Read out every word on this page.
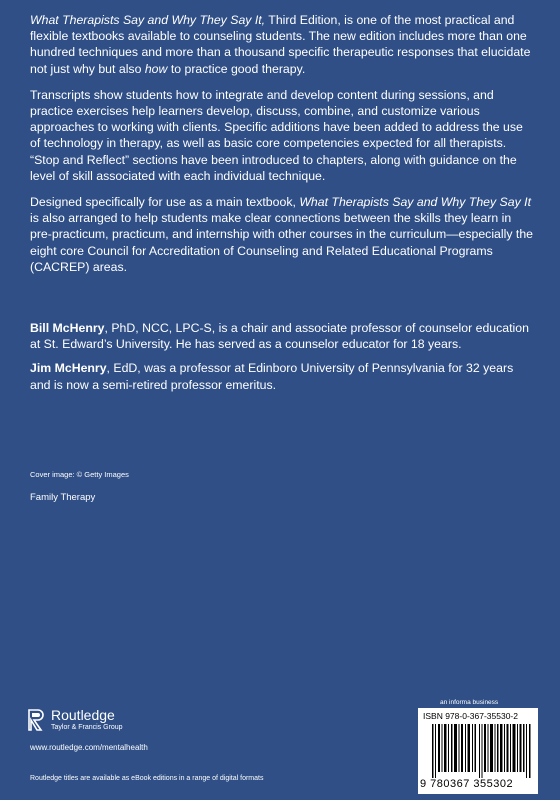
What Therapists Say and Why They Say It, Third Edition, is one of the most practical and flexible textbooks available to counseling students. The new edition includes more than one hundred techniques and more than a thousand specific therapeutic responses that elucidate not just why but also how to practice good therapy.

Transcripts show students how to integrate and develop content during sessions, and practice exercises help learners develop, discuss, combine, and customize various approaches to working with clients. Specific additions have been added to address the use of technology in therapy, as well as basic core competencies expected for all therapists. “Stop and Reflect” sections have been introduced to chapters, along with guidance on the level of skill associated with each individual technique.

Designed specifically for use as a main textbook, What Therapists Say and Why They Say It is also arranged to help students make clear connections between the skills they learn in pre-practicum, practicum, and internship with other courses in the curriculum—especially the eight core Council for Accreditation of Counseling and Related Educational Programs (CACREP) areas.

Bill McHenry, PhD, NCC, LPC-S, is a chair and associate professor of counselor education at St. Edward’s University. He has served as a counselor educator for 18 years.

Jim McHenry, EdD, was a professor at Edinboro University of Pennsylvania for 32 years and is now a semi-retired professor emeritus.

Cover image: © Getty Images
Family Therapy
Routledge
Taylor & Francis Group
www.routledge.com/mentalhealth
Routledge titles are available as eBook editions in a range of digital formats
an informa business
ISBN 978-0-367-35530-2
9 780367 355302
